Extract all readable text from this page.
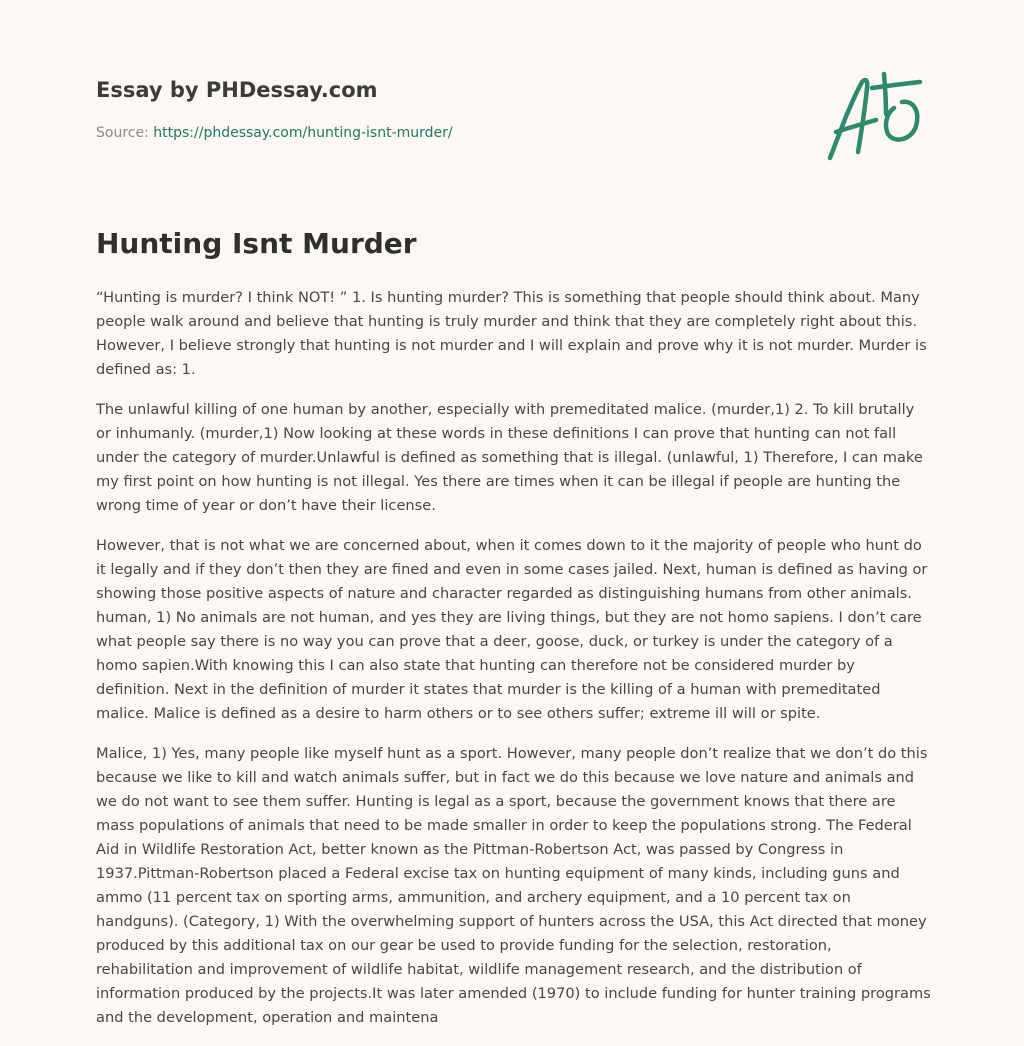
Essay by PHDessay.com
Source: https://phdessay.com/hunting-isnt-murder/
Hunting Isnt Murder

“Hunting is murder? I think NOT! ” 1. Is hunting murder? This is something that people should think about. Many people walk around and believe that hunting is truly murder and think that they are completely right about this. However, I believe strongly that hunting is not murder and I will explain and prove why it is not murder. Murder is defined as: 1.

The unlawful killing of one human by another, especially with premeditated malice. (murder,1) 2. To kill brutally or inhumanly. (murder,1) Now looking at these words in these definitions I can prove that hunting can not fall under the category of murder.Unlawful is defined as something that is illegal. (unlawful, 1) Therefore, I can make my first point on how hunting is not illegal. Yes there are times when it can be illegal if people are hunting the wrong time of year or don’t have their license.

However, that is not what we are concerned about, when it comes down to it the majority of people who hunt do it legally and if they don’t then they are fined and even in some cases jailed. Next, human is defined as having or showing those positive aspects of nature and character regarded as distinguishing humans from other animals. human, 1) No animals are not human, and yes they are living things, but they are not homo sapiens. I don’t care what people say there is no way you can prove that a deer, goose, duck, or turkey is under the category of a homo sapien.With knowing this I can also state that hunting can therefore not be considered murder by definition. Next in the definition of murder it states that murder is the killing of a human with premeditated malice. Malice is defined as a desire to harm others or to see others suffer; extreme ill will or spite.

Malice, 1) Yes, many people like myself hunt as a sport. However, many people don’t realize that we don’t do this because we like to kill and watch animals suffer, but in fact we do this because we love nature and animals and we do not want to see them suffer. Hunting is legal as a sport, because the government knows that there are mass populations of animals that need to be made smaller in order to keep the populations strong. The Federal Aid in Wildlife Restoration Act, better known as the Pittman-Robertson Act, was passed by Congress in 1937.Pittman-Robertson placed a Federal excise tax on hunting equipment of many kinds, including guns and ammo (11 percent tax on sporting arms, ammunition, and archery equipment, and a 10 percent tax on handguns). (Category, 1) With the overwhelming support of hunters across the USA, this Act directed that money produced by this additional tax on our gear be used to provide funding for the selection, restoration, rehabilitation and improvement of wildlife habitat, wildlife management research, and the distribution of information produced by the projects.It was later amended (1970) to include funding for hunter training programs and the development, operation and maintena
